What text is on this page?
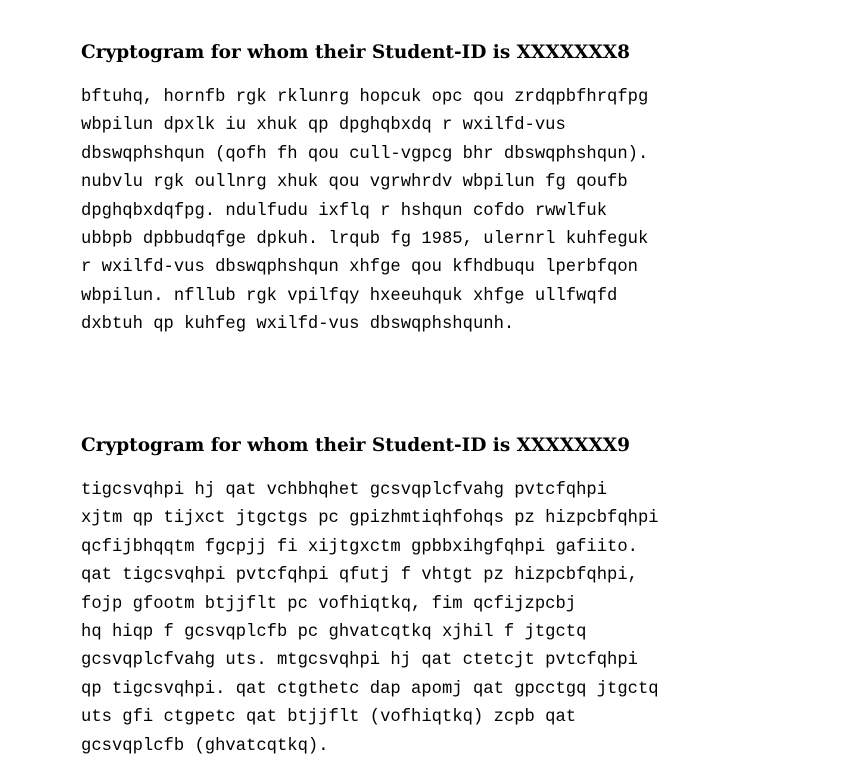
Cryptogram for whom their Student-ID is XXXXXXX8
bftuhq, hornfb rgk rklunrg hopcuk opc qou zrdqpbfhrqfpg
wbpilun dpxlk iu xhuk qp dpghqbxdq r wxilfd-vus
dbswqphshqun (qofh fh qou cull-vgpcg bhr dbswqphshqun).
nubvlu rgk oullnrg xhuk qou vgrwhrdv wbpilun fg qoufb
dpghqbxdqfpg. ndulfudu ixflq r hshqun cofdo rwwlfuk
ubbpb dpbbudqfge dpkuh. lrqub fg 1985, ulernrl kuhfeguk
r wxilfd-vus dbswqphshqun xhfge qou kfhdbuqu lperbfqon
wbpilun. nfllub rgk vpilfqy hxeeuhquk xhfge ullfwqfd
dxbtuh qp kuhfeg wxilfd-vus dbswqphshqunh.
Cryptogram for whom their Student-ID is XXXXXXX9
tigcsvqhpi hj qat vchbhqhet gcsvqplcfvahg pvtcfqhpi
xjtm qp tijxct jtgctgs pc gpizhmtiqhfohqs pz hizpcbfqhpi
qcfijbhqqtm fgcpjj fi xijtgxctm gpbbxihgfqhpi gafiito.
qat tigcsvqhpi pvtcfqhpi qfutj f vhtgt pz hizpcbfqhpi,
fojp gfootm btjjflt pc vofhiqtkq, fim qcfijzpcbj
hq hiqp f gcsvqplcfb pc ghvatcqtkq xjhil f jtgctq
gcsvqplcfvahg uts. mtgcsvqhpi hj qat ctetcjt pvtcfqhpi
qp tigcsvqhpi. qat ctgthetc dap apomj qat gpcctgq jtgctq
uts gfi ctgpetc qat btjjflt (vofhiqtkq) zcpb qat
gcsvqplcfb (ghvatcqtkq).
